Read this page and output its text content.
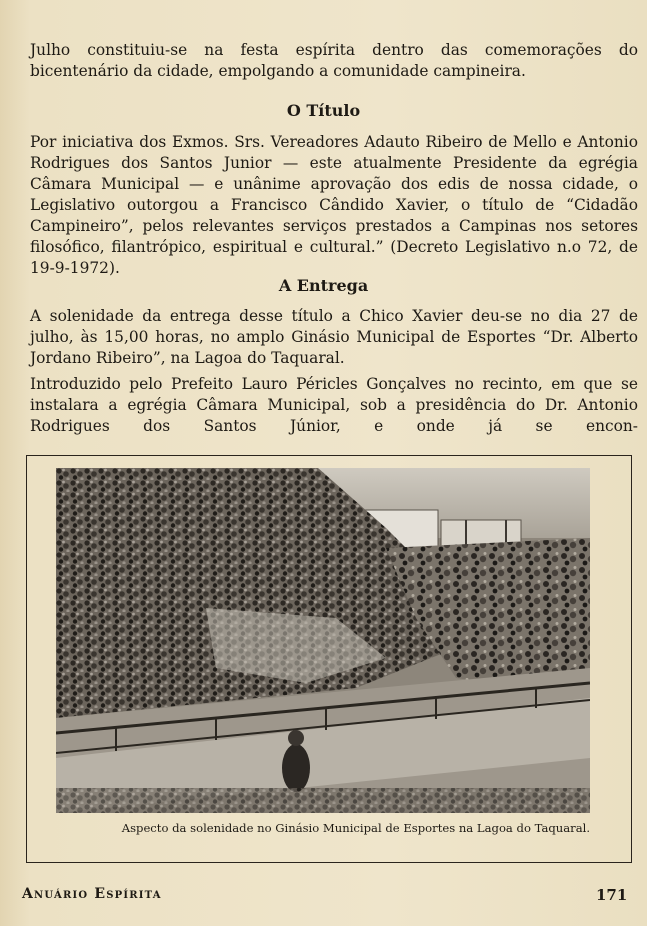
Julho constituiu-se na festa espírita dentro das comemorações do bicentenário da cidade, empolgando a comunidade campineira.

O Título

Por iniciativa dos Exmos. Srs. Vereadores Adauto Ribeiro de Mello e Antonio Rodrigues dos Santos Junior — este atualmente Presidente da egrégia Câmara Municipal — e unânime aprovação dos edis de nossa cidade, o Legislativo outorgou a Francisco Cândido Xavier, o título de “Cidadão Campineiro”, pelos relevantes serviços prestados a Campinas nos setores filosófico, filantrópico, espiritual e cultural.” (Decreto Legislativo n.o 72, de 19-9-1972).

A Entrega

A solenidade da entrega desse título a Chico Xavier deu-se no dia 27 de julho, às 15,00 horas, no amplo Ginásio Municipal de Esportes “Dr. Alberto Jordano Ribeiro”, na Lagoa do Taquaral.

Introduzido pelo Prefeito Lauro Péricles Gonçalves no recinto, em que se instalara a egrégia Câmara Municipal, sob a presidência do Dr. Antonio Rodrigues dos Santos Júnior, e onde já se encon-

Aspecto da solenidade no Ginásio Municipal de Esportes na Lagoa do Taquaral.

Anuário Espírita	171
